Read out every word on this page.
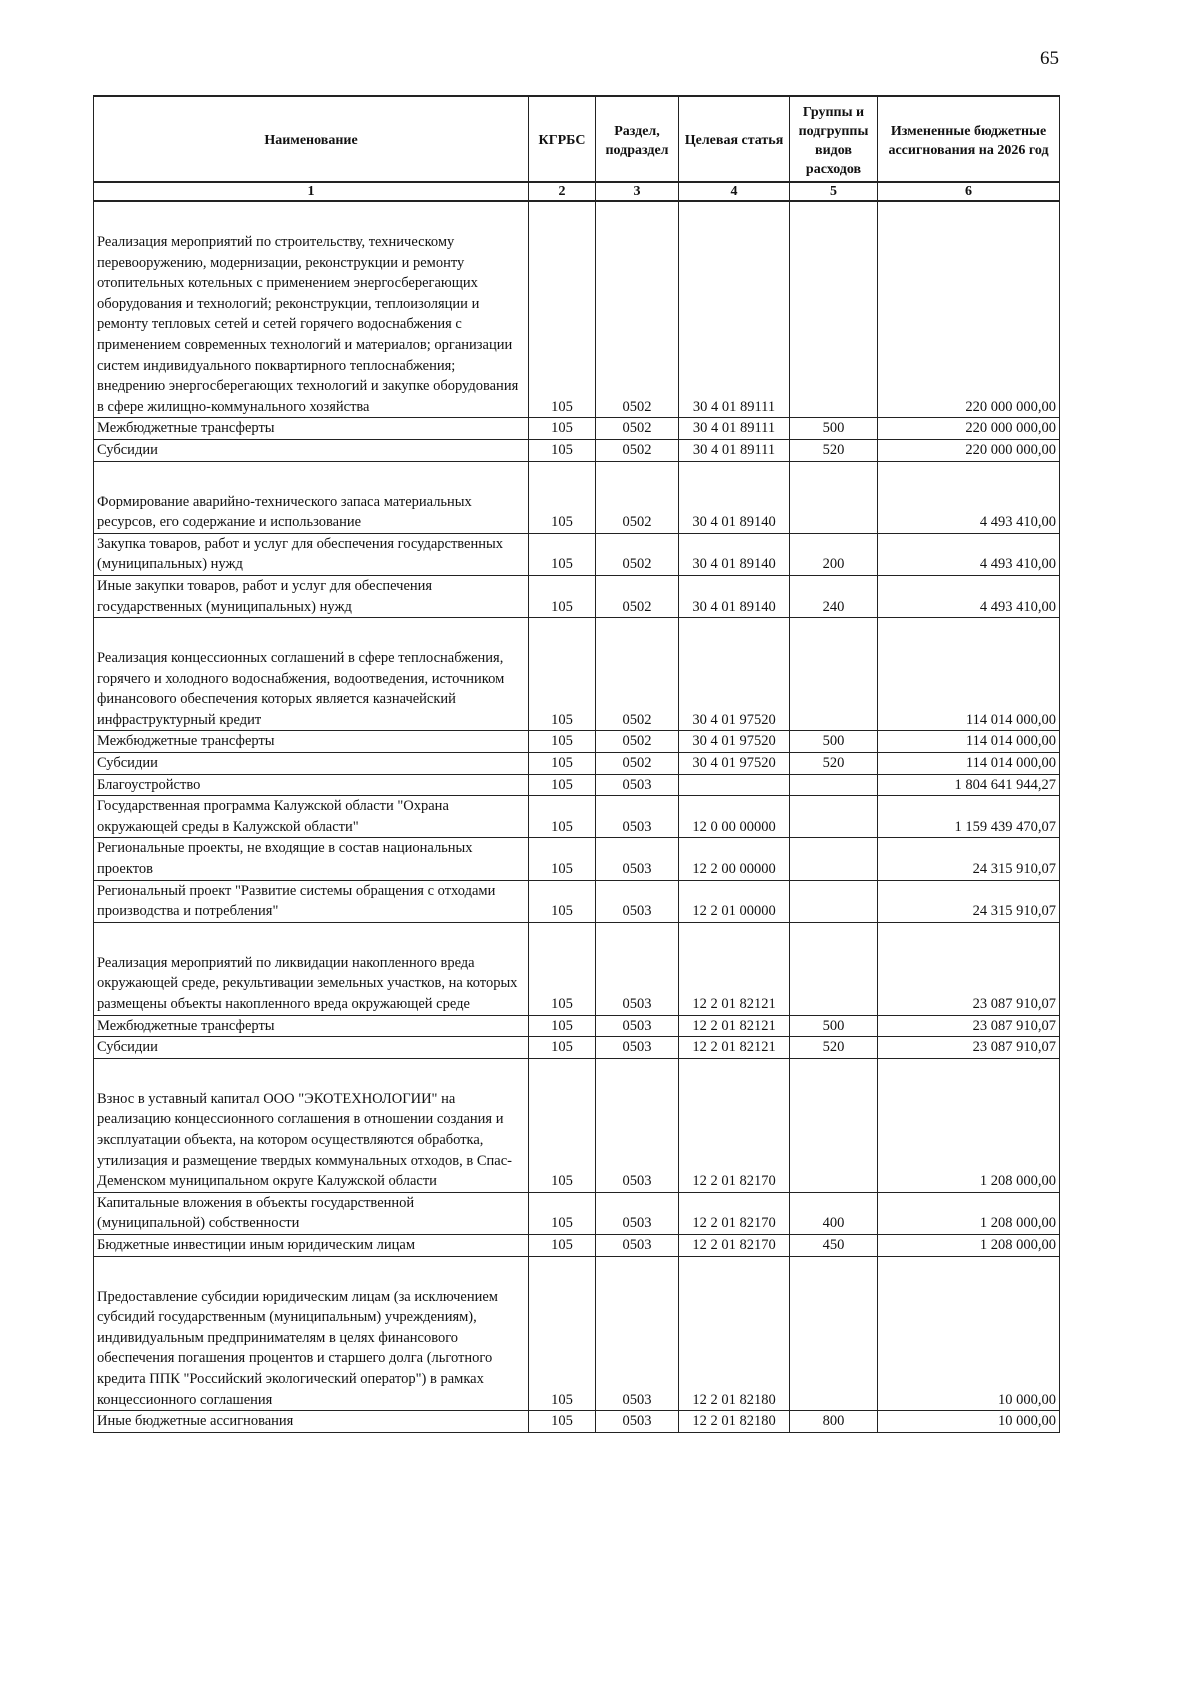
65
Наименование	КГРБС	Раздел, подраздел	Целевая статья	Группы и подгруппы видов расходов	Измененные бюджетные ассигнования на 2026 год
1	2	3	4	5	6

Реализация мероприятий по строительству, техническому перевооружению, модернизации, реконструкции и ремонту отопительных котельных с применением энергосберегающих оборудования и технологий; реконструкции, теплоизоляции и ремонту тепловых сетей и сетей горячего водоснабжения с применением современных технологий и материалов; организации систем индивидуального поквартирного теплоснабжения; внедрению энергосберегающих технологий и закупке оборудования в сфере жилищно-коммунального хозяйства	105	0502	30 4 01 89111		220 000 000,00
Межбюджетные трансферты	105	0502	30 4 01 89111	500	220 000 000,00
Субсидии	105	0502	30 4 01 89111	520	220 000 000,00

Формирование аварийно-технического запаса материальных ресурсов, его содержание и использование	105	0502	30 4 01 89140		4 493 410,00
Закупка товаров, работ и услуг для обеспечения государственных (муниципальных) нужд	105	0502	30 4 01 89140	200	4 493 410,00
Иные закупки товаров, работ и услуг для обеспечения государственных (муниципальных) нужд	105	0502	30 4 01 89140	240	4 493 410,00

Реализация концессионных соглашений в сфере теплоснабжения, горячего и холодного водоснабжения, водоотведения, источником финансового обеспечения которых является казначейский инфраструктурный кредит	105	0502	30 4 01 97520		114 014 000,00
Межбюджетные трансферты	105	0502	30 4 01 97520	500	114 014 000,00
Субсидии	105	0502	30 4 01 97520	520	114 014 000,00
Благоустройство	105	0503			1 804 641 944,27
Государственная программа Калужской области "Охрана окружающей среды в Калужской области"	105	0503	12 0 00 00000		1 159 439 470,07
Региональные проекты, не входящие в состав национальных проектов	105	0503	12 2 00 00000		24 315 910,07
Региональный проект "Развитие системы обращения с отходами производства и потребления"	105	0503	12 2 01 00000		24 315 910,07

Реализация мероприятий по ликвидации накопленного вреда окружающей среде, рекультивации земельных участков, на которых размещены объекты накопленного вреда окружающей среде	105	0503	12 2 01 82121		23 087 910,07
Межбюджетные трансферты	105	0503	12 2 01 82121	500	23 087 910,07
Субсидии	105	0503	12 2 01 82121	520	23 087 910,07

Взнос в уставный капитал ООО "ЭКОТЕХНОЛОГИИ" на реализацию концессионного соглашения в отношении создания и эксплуатации объекта, на котором осуществляются обработка, утилизация и размещение твердых коммунальных отходов, в Спас-Деменском муниципальном округе Калужской области	105	0503	12 2 01 82170		1 208 000,00
Капитальные вложения в объекты государственной (муниципальной) собственности	105	0503	12 2 01 82170	400	1 208 000,00
Бюджетные инвестиции иным юридическим лицам	105	0503	12 2 01 82170	450	1 208 000,00

Предоставление субсидии юридическим лицам (за исключением субсидий государственным (муниципальным) учреждениям), индивидуальным предпринимателям в целях финансового обеспечения погашения процентов и старшего долга (льготного кредита ППК "Российский экологический оператор") в рамках концессионного соглашения	105	0503	12 2 01 82180		10 000,00
Иные бюджетные ассигнования	105	0503	12 2 01 82180	800	10 000,00
